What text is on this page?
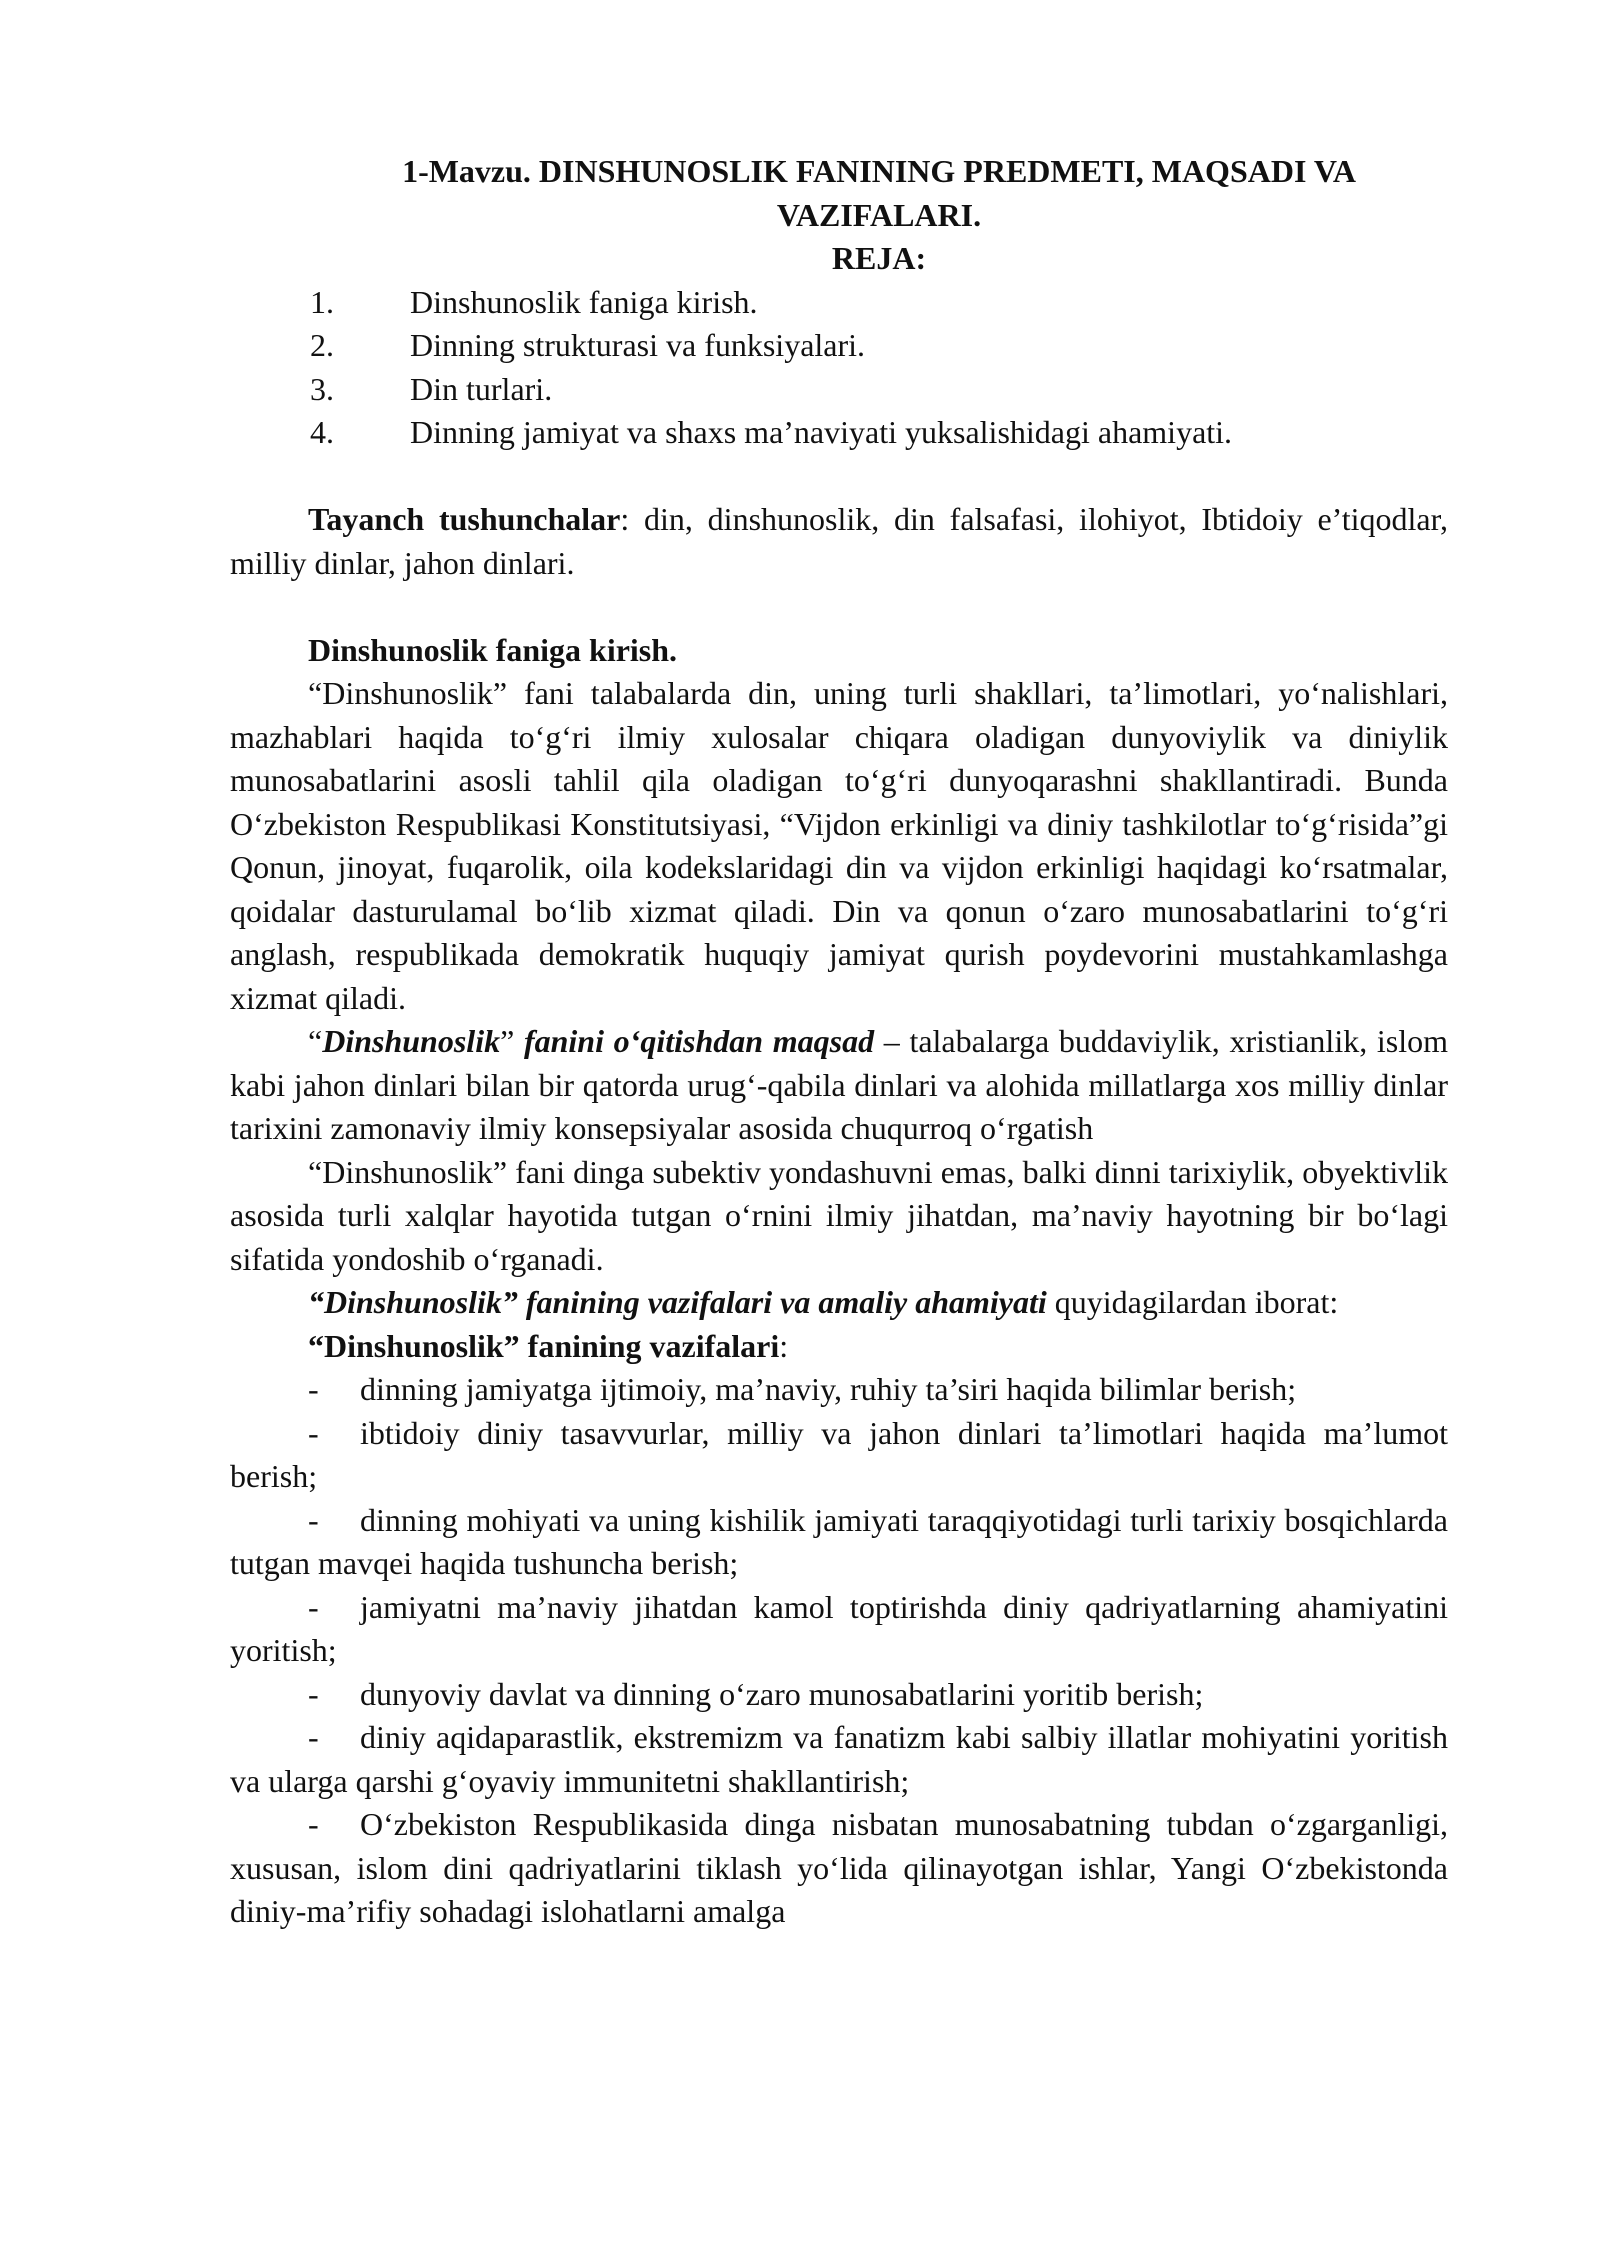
1-Mavzu. DINSHUNOSLIK FANINING PREDMETI, MAQSADI VA

VAZIFALARI.

REJA:

1.	Dinshunoslik faniga kirish.
2.	Dinning strukturasi va funksiyalari.
3.	Din turlari.
4.	Dinning jamiyat va shaxs ma’naviyati yuksalishidagi ahamiyati.

Tayanch tushunchalar: din, dinshunoslik, din falsafasi, ilohiyot, Ibtidoiy e’tiqodlar, milliy dinlar, jahon dinlari.

Dinshunoslik faniga kirish.

“Dinshunoslik” fani talabalarda din, uning turli shakllari, ta’limotlari, yo‘nalishlari, mazhablari haqida to‘g‘ri ilmiy xulosalar chiqara oladigan dunyoviylik va diniylik munosabatlarini asosli tahlil qila oladigan to‘g‘ri dunyoqarashni shakllantiradi. Bunda O‘zbekiston Respublikasi Konstitutsiyasi, “Vijdon erkinligi va diniy tashkilotlar to‘g‘risida”gi Qonun, jinoyat, fuqarolik, oila kodekslaridagi din va vijdon erkinligi haqidagi ko‘rsatmalar, qoidalar dasturulamal bo‘lib xizmat qiladi. Din va qonun o‘zaro munosabatlarini to‘g‘ri anglash, respublikada demokratik huquqiy jamiyat qurish poydevorini mustahkamlashga xizmat qiladi.

“Dinshunoslik” fanini o‘qitishdan maqsad – talabalarga buddaviylik, xristianlik, islom kabi jahon dinlari bilan bir qatorda urug‘-qabila dinlari va alohida millatlarga xos milliy dinlar tarixini zamonaviy ilmiy konsepsiyalar asosida chuqurroq o‘rgatish

“Dinshunoslik” fani dinga subektiv yondashuvni emas, balki dinni tarixiylik, obyektivlik asosida turli xalqlar hayotida tutgan o‘rnini ilmiy jihatdan, ma’naviy hayotning bir bo‘lagi sifatida yondoshib o‘rganadi.

“Dinshunoslik” fanining vazifalari va amaliy ahamiyati quyidagilardan iborat:

“Dinshunoslik” fanining vazifalari:

- dinning jamiyatga ijtimoiy, ma’naviy, ruhiy ta’siri haqida bilimlar berish;

- ibtidoiy diniy tasavvurlar, milliy va jahon dinlari ta’limotlari haqida ma’lumot berish;

- dinning mohiyati va uning kishilik jamiyati taraqqiyotidagi turli tarixiy bosqichlarda tutgan mavqei haqida tushuncha berish;

- jamiyatni ma’naviy jihatdan kamol toptirishda diniy qadriyatlarning ahamiyatini yoritish;

- dunyoviy davlat va dinning o‘zaro munosabatlarini yoritib berish;

- diniy aqidaparastlik, ekstremizm va fanatizm kabi salbiy illatlar mohiyatini yoritish va ularga qarshi g‘oyaviy immunitetni shakllantirish;

- O‘zbekiston Respublikasida dinga nisbatan munosabatning tubdan o‘zgarganligi, xususan, islom dini qadriyatlarini tiklash yo‘lida qilinayotgan ishlar, Yangi O‘zbekistonda diniy-ma’rifiy sohadagi islohatlarni amalga
